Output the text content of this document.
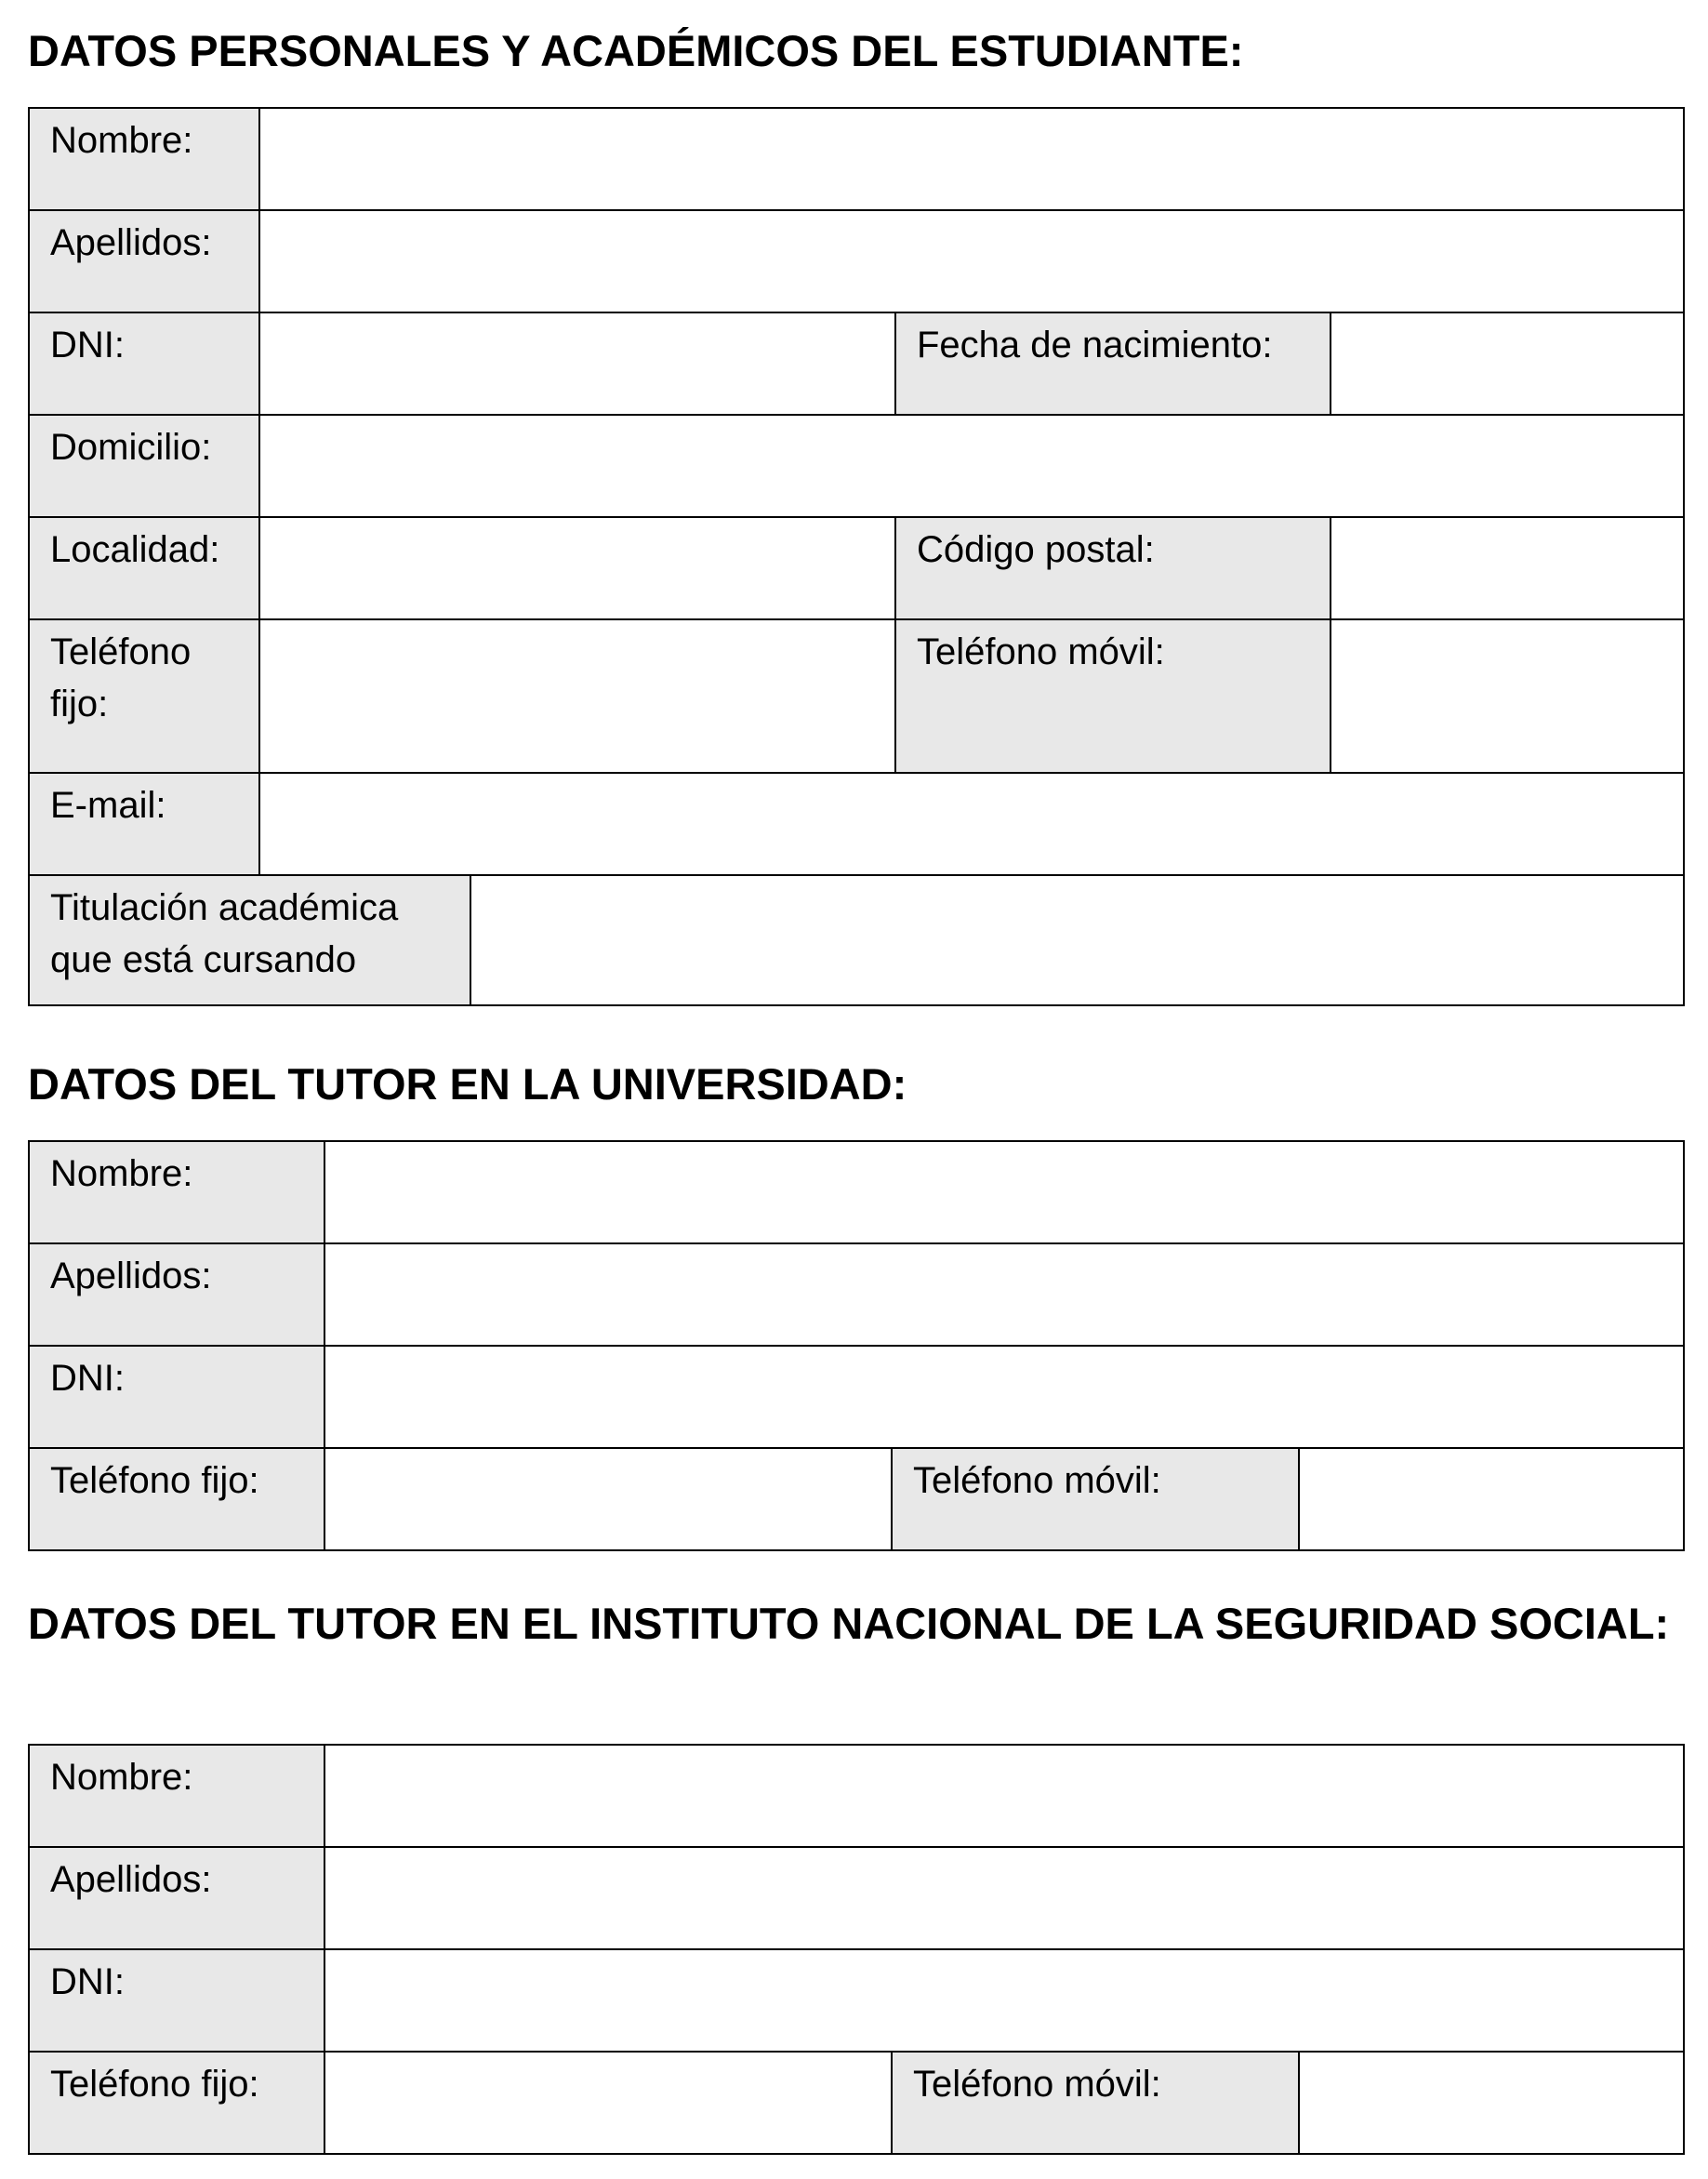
DATOS PERSONALES Y ACADÉMICOS DEL ESTUDIANTE:
Nombre:				
Apellidos:				
DNI:			Fecha de nacimiento:	
Domicilio:				
Localidad:			Código postal:	
Teléfono
fijo:			Teléfono móvil:	
E-mail:				
Titulación académica
que está cursando				
DATOS DEL TUTOR EN LA UNIVERSIDAD:
Nombre:			
Apellidos:			
DNI:			
Teléfono fijo:		Teléfono móvil:	
DATOS DEL TUTOR EN EL INSTITUTO NACIONAL DE LA SEGURIDAD SOCIAL:
Nombre:			
Apellidos:			
DNI:			
Teléfono fijo:		Teléfono móvil:	
